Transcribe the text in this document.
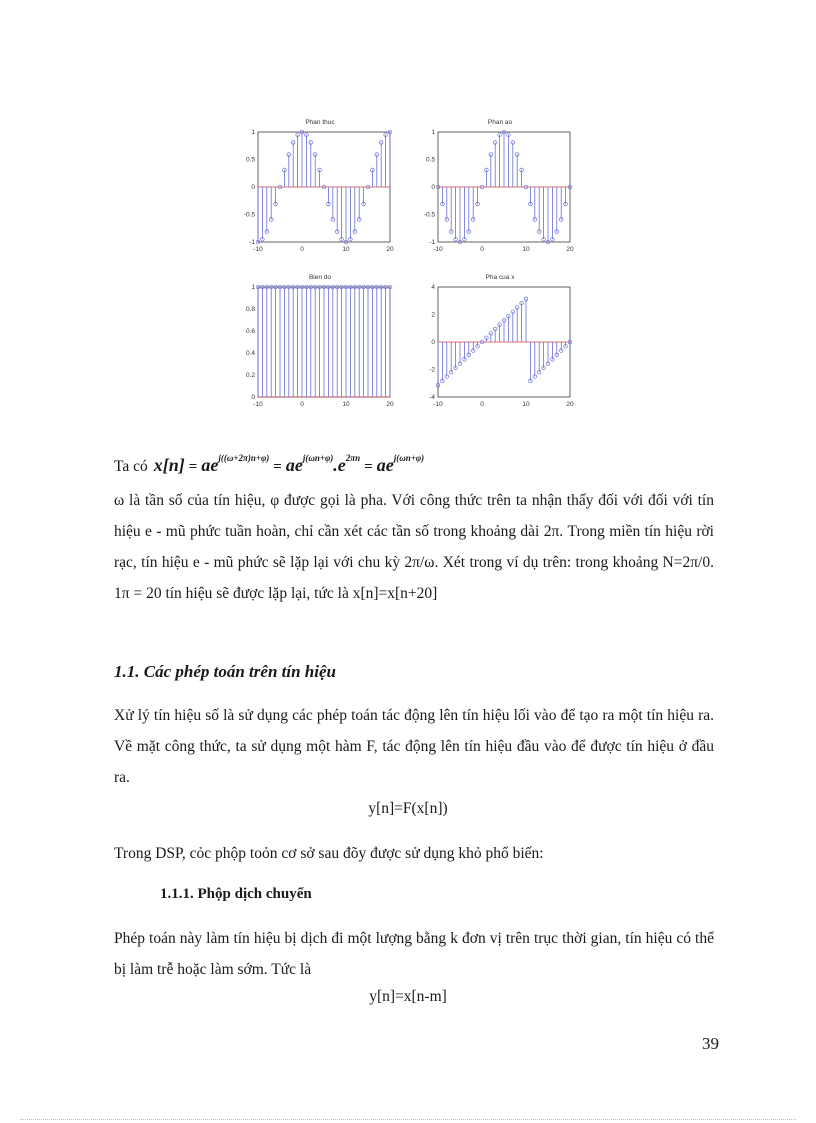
Phan thuc
1
0.5
0
-0.5
-1
-10	0	10	20
Phan ao
1
0.5
0
-0.5
-1
-10	0	10	20
Bien do
1
0.8
0.6
0.4
0.2
0
-10	0	10	20
Pha cua x
4
2
0
-2
-4
-10	0	10	20
Ta có $x[n] = ae^{j((\omega+2\pi)n+\varphi)}$
= $ae^{j(\omega n+\varphi)}.e^{2\pi n}$
= $ae^{j(\omega n+\varphi)}$
ω là tần số của tín hiệu, φ được gọi là pha. Với công thức trên ta nhận thấy đối với đối với tín hiệu e - mũ phức tuần hoàn, chỉ cần xét các tần số trong khoảng dài 2π. Trong miền tín hiệu rời rạc, tín hiệu e - mũ phức sẽ lặp lại với chu kỳ 2π/ω. Xét trong ví dụ trên: trong khoảng N=2π/0. 1π = 20 tín hiệu sẽ được lặp lại, tức là x[n]=x[n+20]
1.1. Các phép toán trên tín hiệu
Xử lý tín hiệu số là sử dụng các phép toán tác động lên tín hiệu lối vào để tạo ra một tín hiệu ra. Về mặt công thức, ta sử dụng một hàm F, tác động lên tín hiệu đầu vào để được tín hiệu ở đầu ra.
y[n]=F(x[n])
Trong DSP, cỏc phộp toỏn cơ sở sau đõy được sử dụng khỏ phổ biến:
1.1.1. Phộp dịch chuyển
Phép toán này làm tín hiệu bị dịch đi một lượng bằng k đơn vị trên trục thời gian, tín hiệu có thể bị làm trễ hoặc làm sớm. Tức là
y[n]=x[n-m]
39
